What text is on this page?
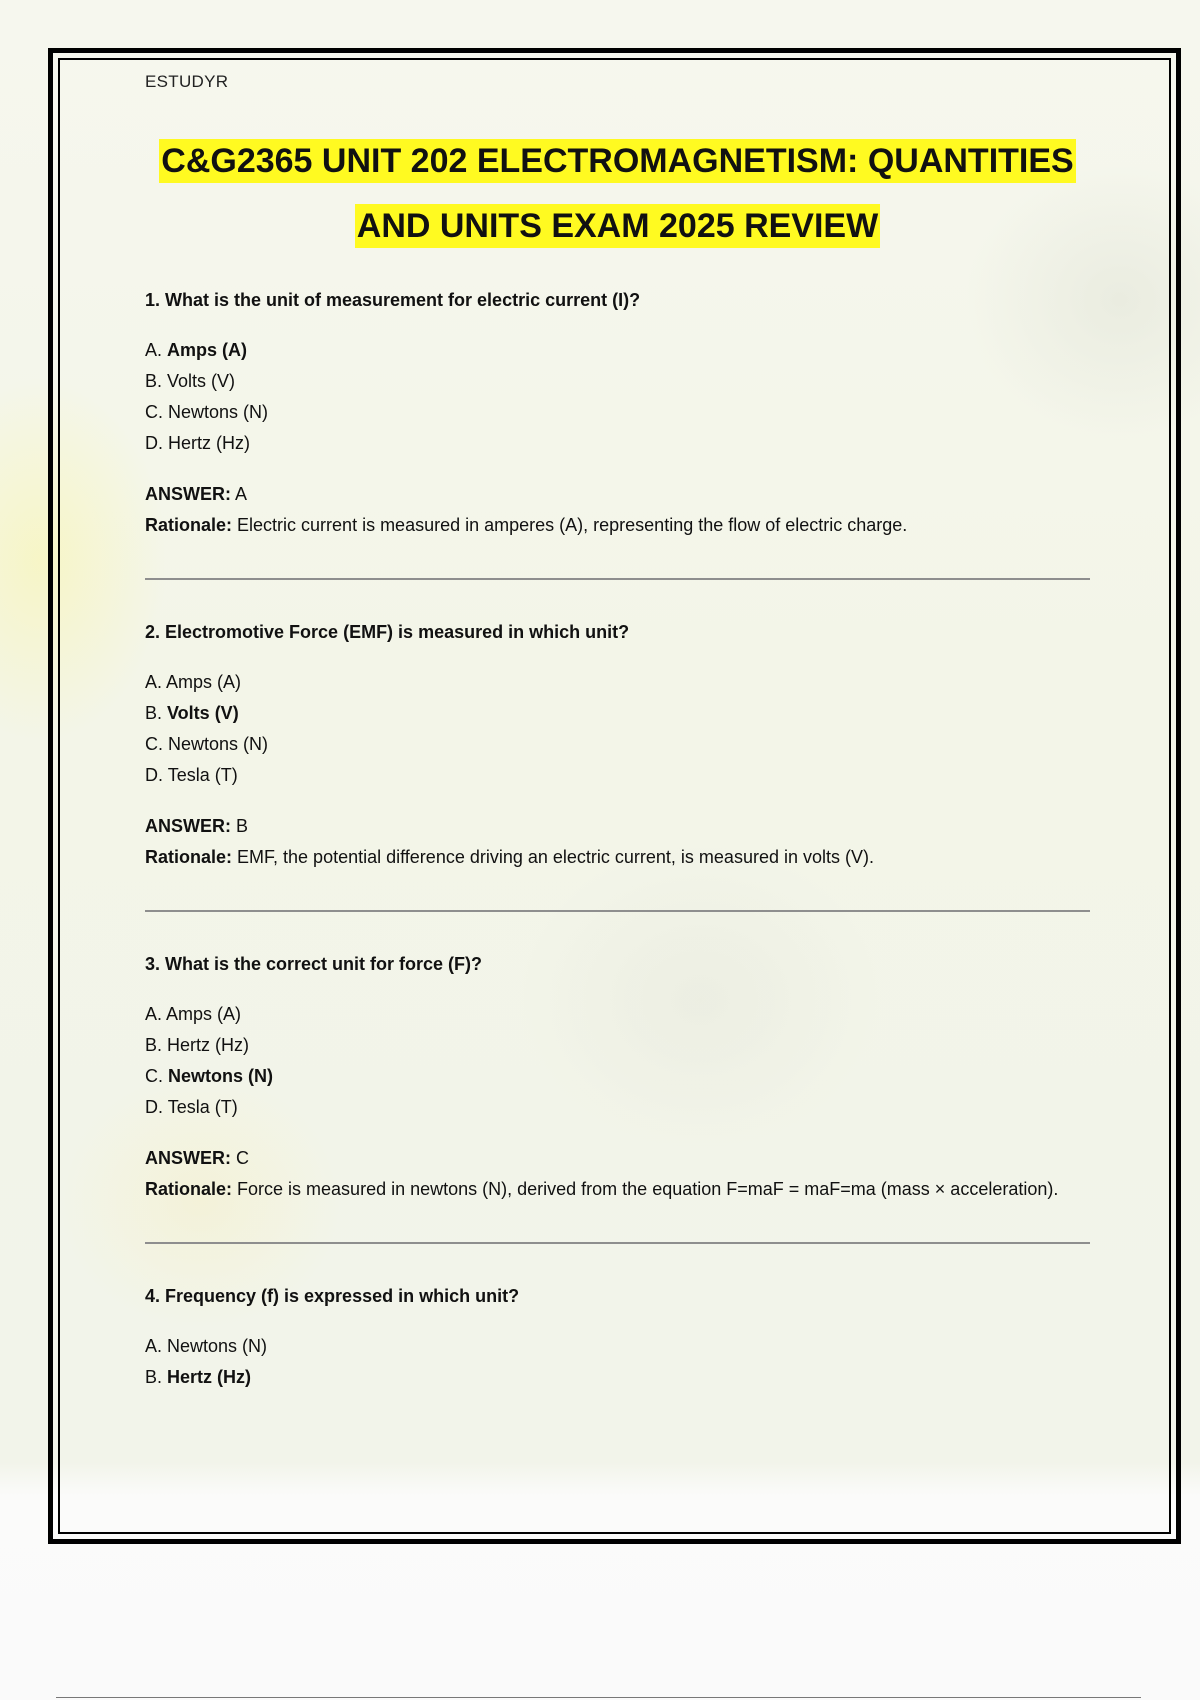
ESTUDYR
C&G2365 UNIT 202 ELECTROMAGNETISM: QUANTITIES
AND UNITS EXAM 2025 REVIEW

1. What is the unit of measurement for electric current (I)?

A. Amps (A)

B. Volts (V)

C. Newtons (N)

D. Hertz (Hz)

ANSWER: A

Rationale: Electric current is measured in amperes (A), representing the flow of electric charge.

2. Electromotive Force (EMF) is measured in which unit?

A. Amps (A)

B. Volts (V)

C. Newtons (N)

D. Tesla (T)

ANSWER: B

Rationale: EMF, the potential difference driving an electric current, is measured in volts (V).

3. What is the correct unit for force (F)?

A. Amps (A)

B. Hertz (Hz)

C. Newtons (N)

D. Tesla (T)

ANSWER: C

Rationale: Force is measured in newtons (N), derived from the equation F=maF = maF=ma (mass × acceleration).

4. Frequency (f) is expressed in which unit?

A. Newtons (N)

B. Hertz (Hz)
